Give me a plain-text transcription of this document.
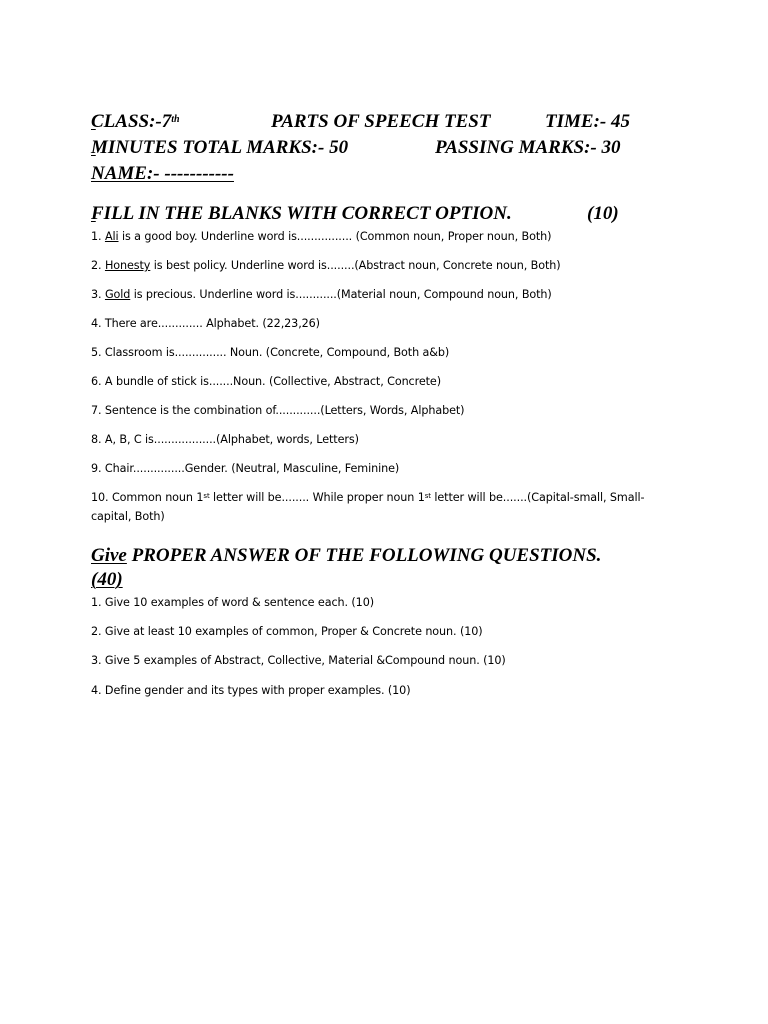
CLASS:-7th	PARTS OF SPEECH TEST	TIME:- 45

MINUTES TOTAL MARKS:- 50	PASSING MARKS:- 30
NAME:- -----------

FILL IN THE BLANKS WITH CORRECT OPTION.	(10)
1. Ali is a good boy. Underline word is................ (Common noun, Proper noun, Both)
2. Honesty is best policy. Underline word is........(Abstract noun, Concrete noun, Both)
3. Gold is precious. Underline word is............(Material noun, Compound noun, Both)
4. There are............. Alphabet. (22,23,26)
5. Classroom is............... Noun. (Concrete, Compound, Both a&b)
6. A bundle of stick is.......Noun. (Collective, Abstract, Concrete)
7. Sentence is the combination of.............(Letters, Words, Alphabet)
8. A, B, C is..................(Alphabet, words, Letters)
9. Chair...............Gender. (Neutral, Masculine, Feminine)
10. Common noun 1st letter will be........ While proper noun 1st letter will be.......(Capital-small, Small-capital, Both)

Give PROPER ANSWER OF THE FOLLOWING QUESTIONS.
(40)
1. Give 10 examples of word & sentence each. (10)
2. Give at least 10 examples of common, Proper & Concrete noun. (10)
3. Give 5 examples of Abstract, Collective, Material &Compound noun. (10)
4. Define gender and its types with proper examples. (10)
